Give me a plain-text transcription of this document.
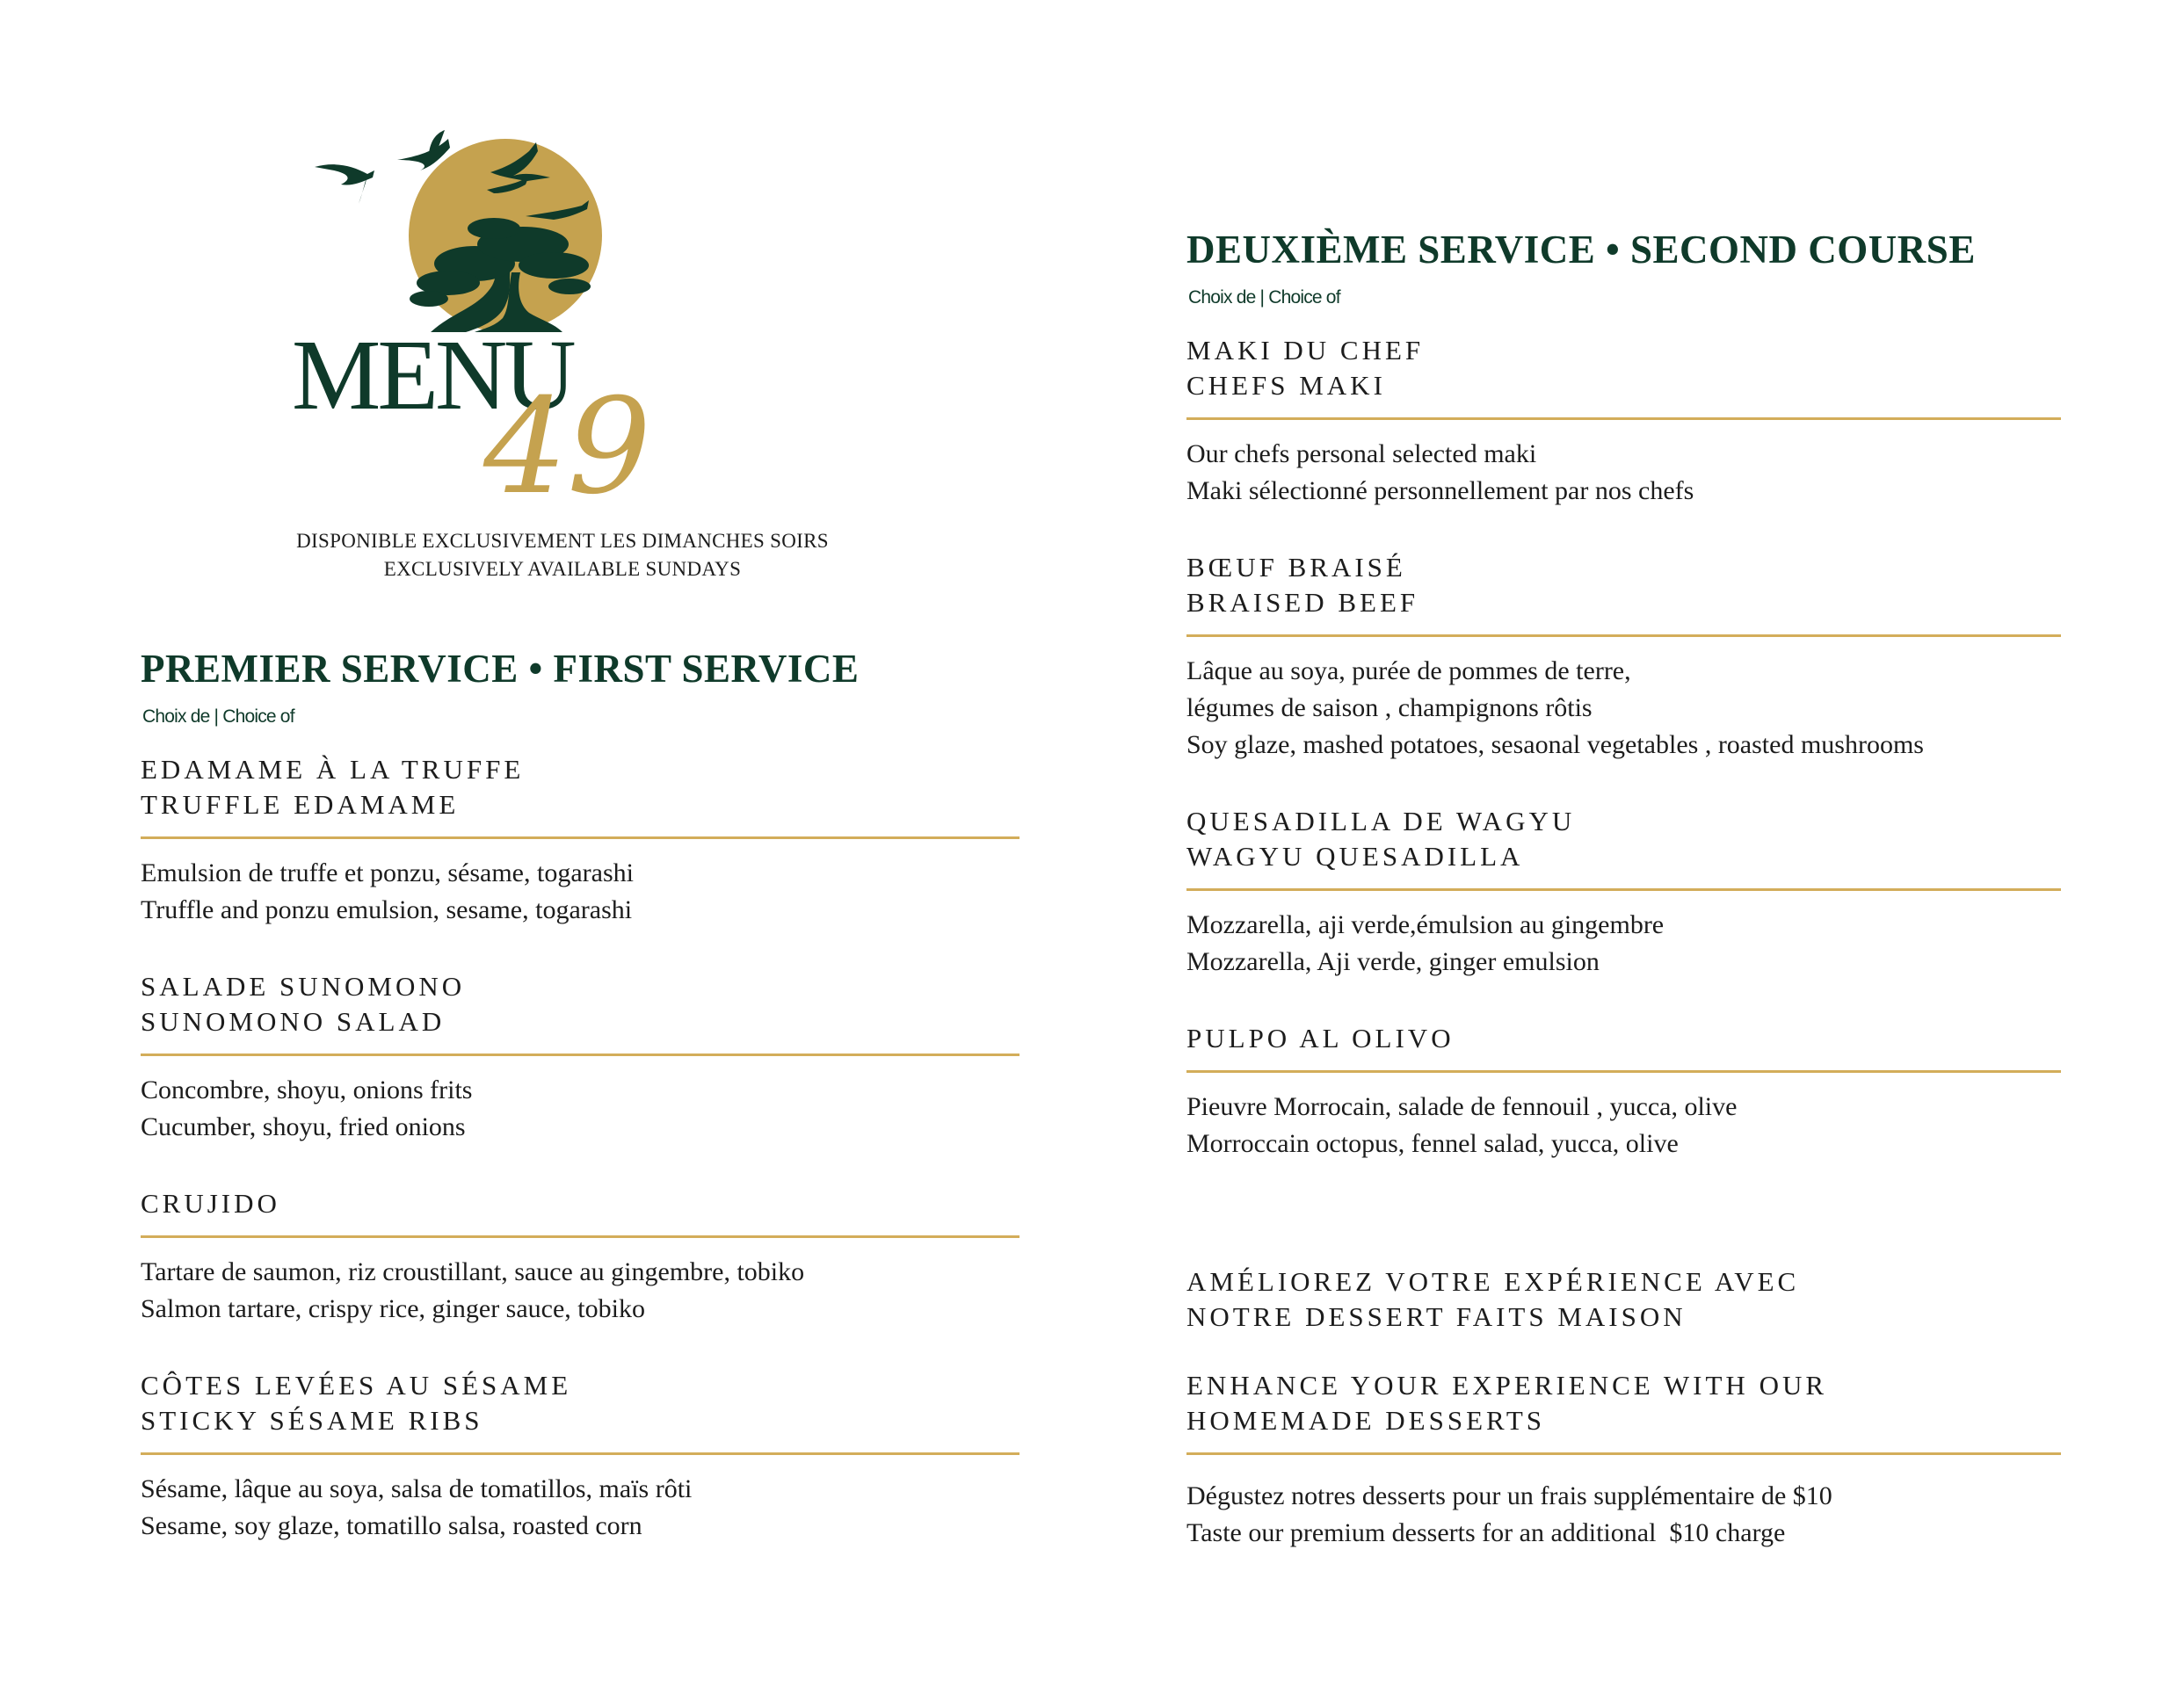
MENU
49
DISPONIBLE EXCLUSIVEMENT LES DIMANCHES SOIRS
EXCLUSIVELY AVAILABLE SUNDAYS
PREMIER SERVICE • FIRST SERVICE
Choix de | Choice of
EDAMAME À LA TRUFFE
TRUFFLE EDAMAME
Emulsion de truffe et ponzu, sésame, togarashi
Truffle and ponzu emulsion, sesame, togarashi
SALADE SUNOMONO
SUNOMONO SALAD
Concombre, shoyu, onions frits
Cucumber, shoyu, fried onions
CRUJIDO
Tartare de saumon, riz croustillant, sauce au gingembre, tobiko
Salmon tartare, crispy rice, ginger sauce, tobiko
CÔTES LEVÉES AU SÉSAME
STICKY SÉSAME RIBS
Sésame, lâque au soya, salsa de tomatillos, maïs rôti
Sesame, soy glaze, tomatillo salsa, roasted corn
DEUXIÈME SERVICE • SECOND COURSE
Choix de | Choice of
MAKI DU CHEF
CHEFS MAKI
Our chefs personal selected maki
Maki sélectionné personnellement par nos chefs
BŒUF BRAISÉ
BRAISED BEEF
Lâque au soya, purée de pommes de terre,
légumes de saison , champignons rôtis
Soy glaze, mashed potatoes, sesaonal vegetables , roasted mushrooms
QUESADILLA DE WAGYU
WAGYU QUESADILLA
Mozzarella, aji verde,émulsion au gingembre
Mozzarella, Aji verde, ginger emulsion
PULPO AL OLIVO
Pieuvre Morrocain, salade de fennouil , yucca, olive
Morroccain octopus, fennel salad, yucca, olive
AMÉLIOREZ VOTRE EXPÉRIENCE AVEC
NOTRE DESSERT FAITS MAISON
ENHANCE YOUR EXPERIENCE WITH OUR
HOMEMADE DESSERTS
Dégustez notres desserts pour un frais supplémentaire de $10
Taste our premium desserts for an additional  $10 charge
